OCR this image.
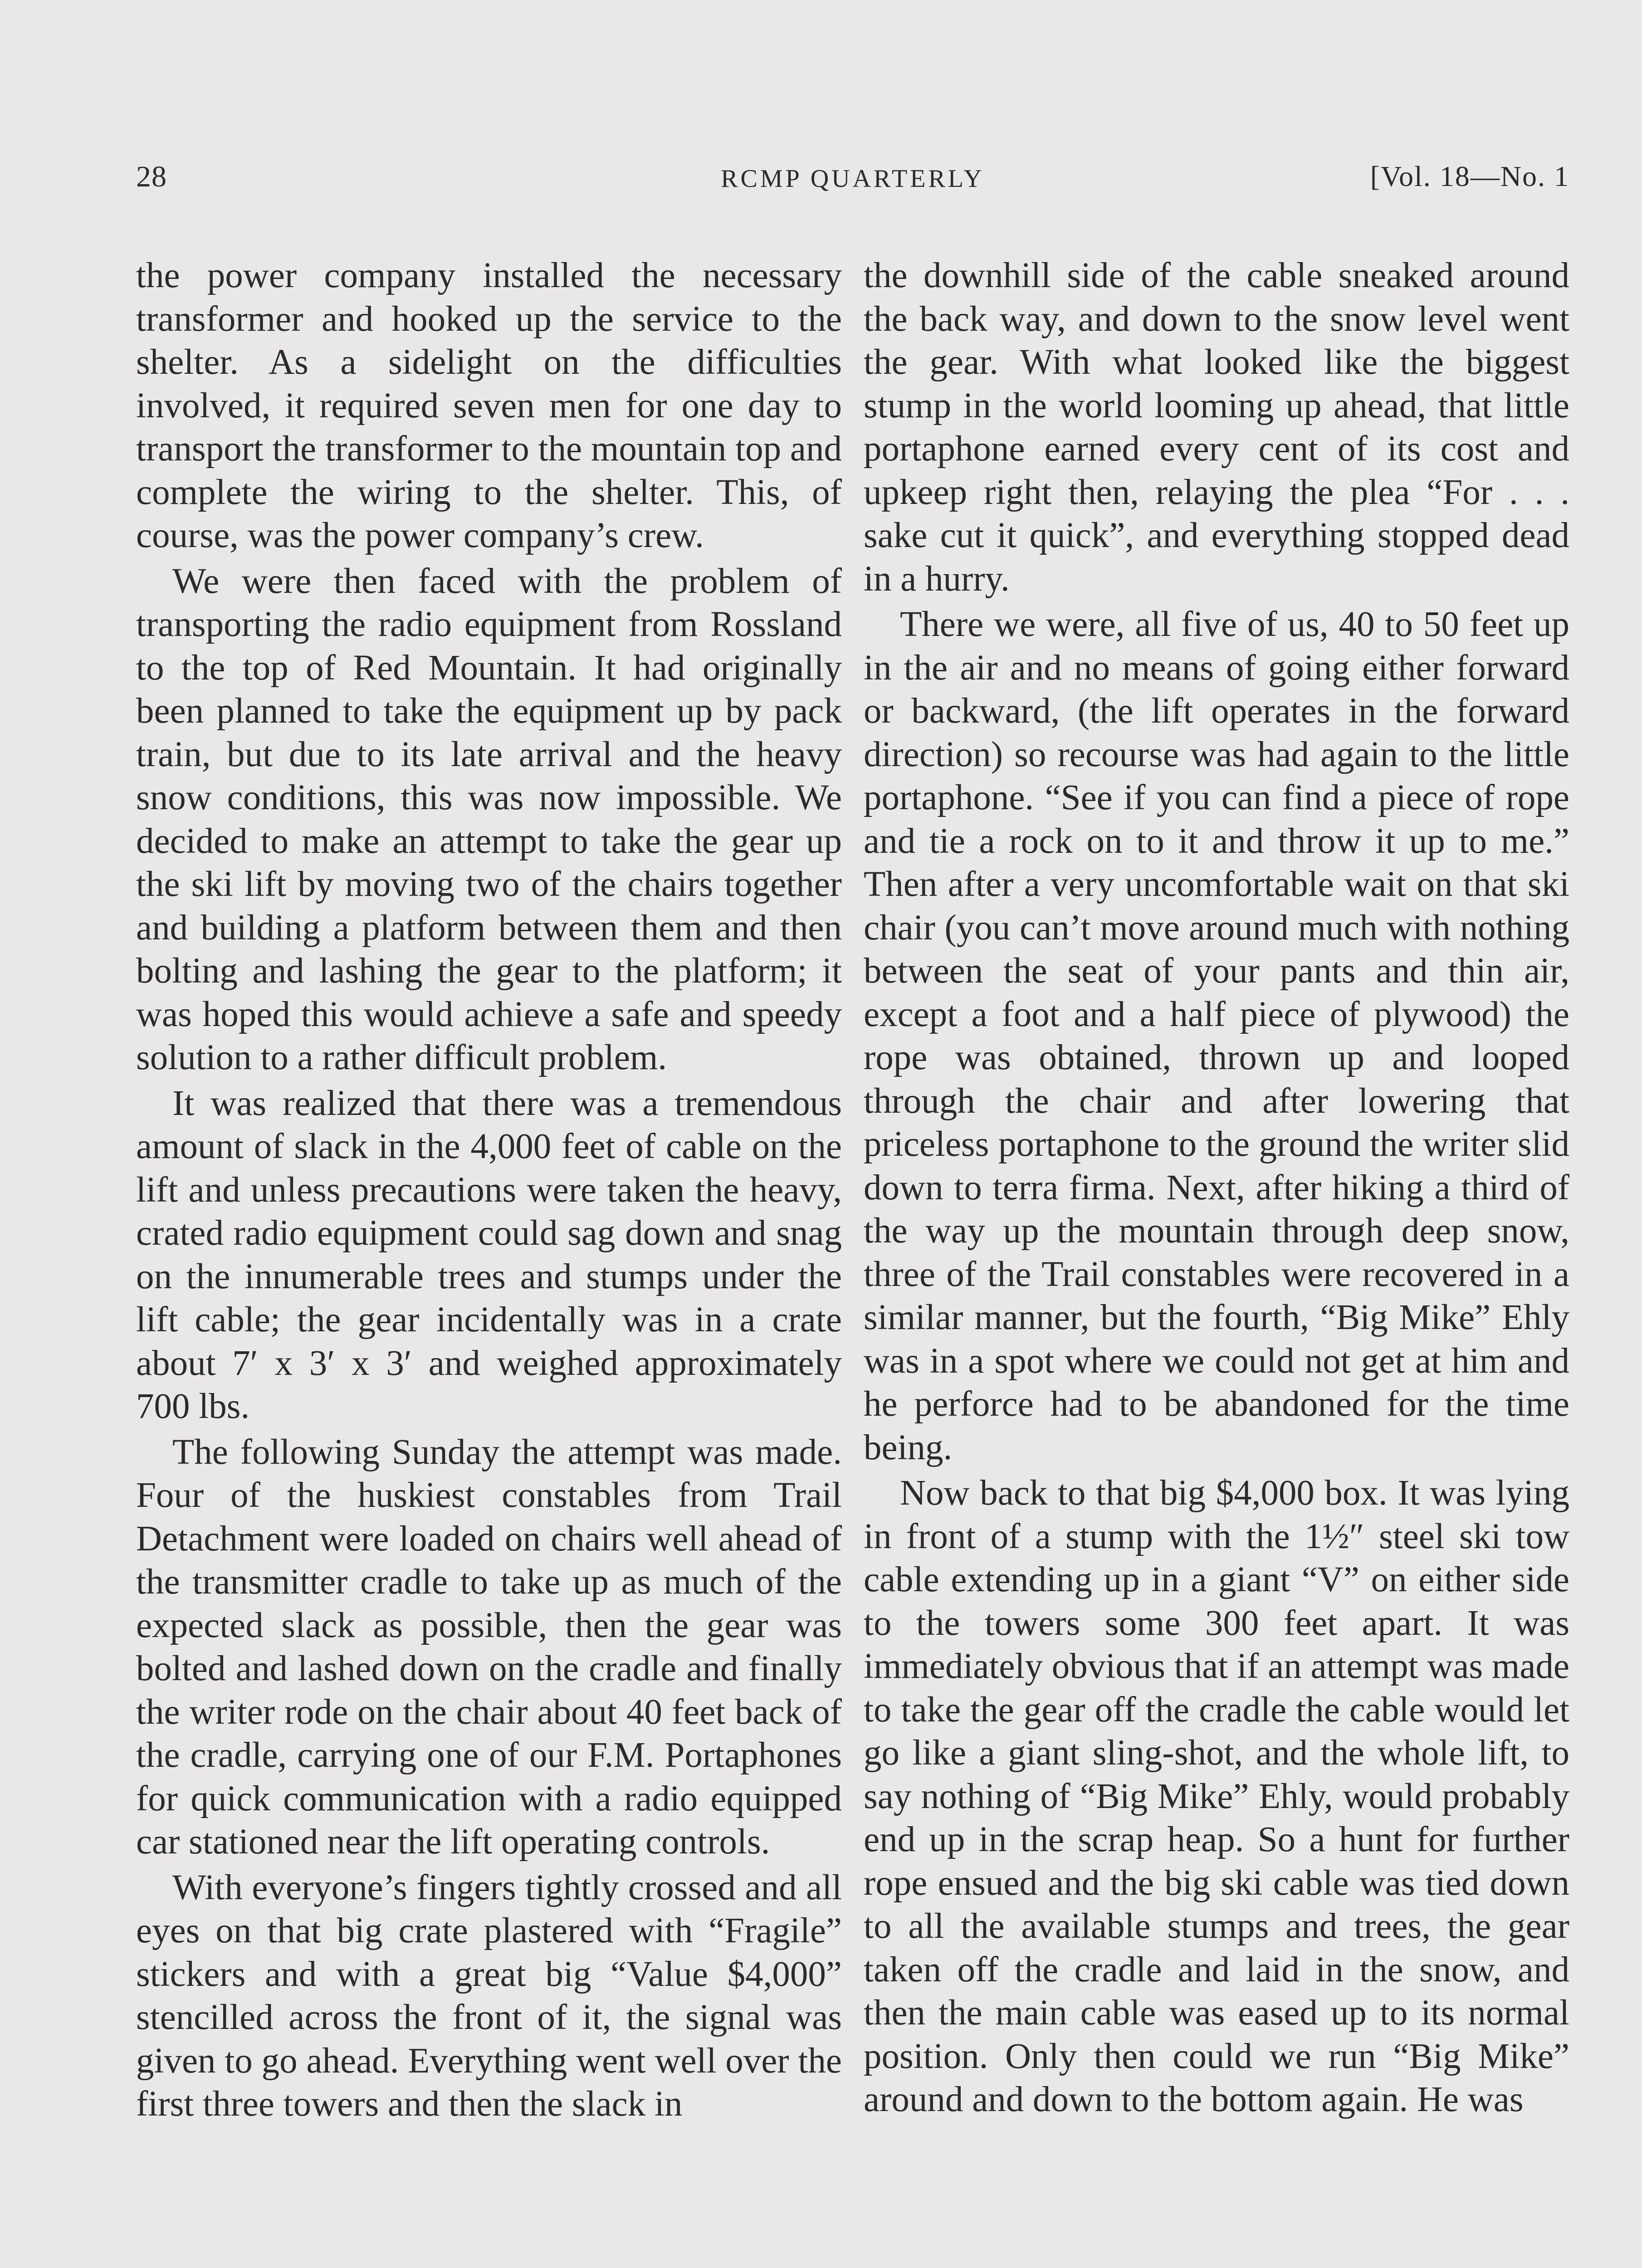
28	RCMP QUARTERLY	[Vol. 18—No. 1

the power company installed the necessary transformer and hooked up the service to the shelter. As a sidelight on the difficulties involved, it required seven men for one day to transport the transformer to the mountain top and complete the wiring to the shelter. This, of course, was the power company’s crew.

We were then faced with the problem of transporting the radio equipment from Rossland to the top of Red Mountain. It had originally been planned to take the equipment up by pack train, but due to its late arrival and the heavy snow conditions, this was now impossible. We decided to make an attempt to take the gear up the ski lift by moving two of the chairs together and building a platform between them and then bolting and lashing the gear to the platform; it was hoped this would achieve a safe and speedy solution to a rather difficult problem.

It was realized that there was a tremendous amount of slack in the 4,000 feet of cable on the lift and unless precautions were taken the heavy, crated radio equipment could sag down and snag on the innumerable trees and stumps under the lift cable; the gear incidentally was in a crate about 7′ x 3′ x 3′ and weighed approximately 700 lbs.

The following Sunday the attempt was made. Four of the huskiest constables from Trail Detachment were loaded on chairs well ahead of the transmitter cradle to take up as much of the expected slack as possible, then the gear was bolted and lashed down on the cradle and finally the writer rode on the chair about 40 feet back of the cradle, carrying one of our F.M. Portaphones for quick communication with a radio equipped car stationed near the lift operating controls.

With everyone’s fingers tightly crossed and all eyes on that big crate plastered with “Fragile” stickers and with a great big “Value $4,000” stencilled across the front of it, the signal was given to go ahead. Everything went well over the first three towers and then the slack in

the downhill side of the cable sneaked around the back way, and down to the snow level went the gear. With what looked like the biggest stump in the world looming up ahead, that little portaphone earned every cent of its cost and upkeep right then, relaying the plea “For . . . sake cut it quick”, and everything stopped dead in a hurry.

There we were, all five of us, 40 to 50 feet up in the air and no means of going either forward or backward, (the lift operates in the forward direction) so recourse was had again to the little portaphone. “See if you can find a piece of rope and tie a rock on to it and throw it up to me.” Then after a very uncomfortable wait on that ski chair (you can’t move around much with nothing between the seat of your pants and thin air, except a foot and a half piece of plywood) the rope was obtained, thrown up and looped through the chair and after lowering that priceless portaphone to the ground the writer slid down to terra firma. Next, after hiking a third of the way up the mountain through deep snow, three of the Trail constables were recovered in a similar manner, but the fourth, “Big Mike” Ehly was in a spot where we could not get at him and he perforce had to be abandoned for the time being.

Now back to that big $4,000 box. It was lying in front of a stump with the 1½″ steel ski tow cable extending up in a giant “V” on either side to the towers some 300 feet apart. It was immediately obvious that if an attempt was made to take the gear off the cradle the cable would let go like a giant sling-shot, and the whole lift, to say nothing of “Big Mike” Ehly, would probably end up in the scrap heap. So a hunt for further rope ensued and the big ski cable was tied down to all the available stumps and trees, the gear taken off the cradle and laid in the snow, and then the main cable was eased up to its normal position. Only then could we run “Big Mike” around and down to the bottom again. He was
